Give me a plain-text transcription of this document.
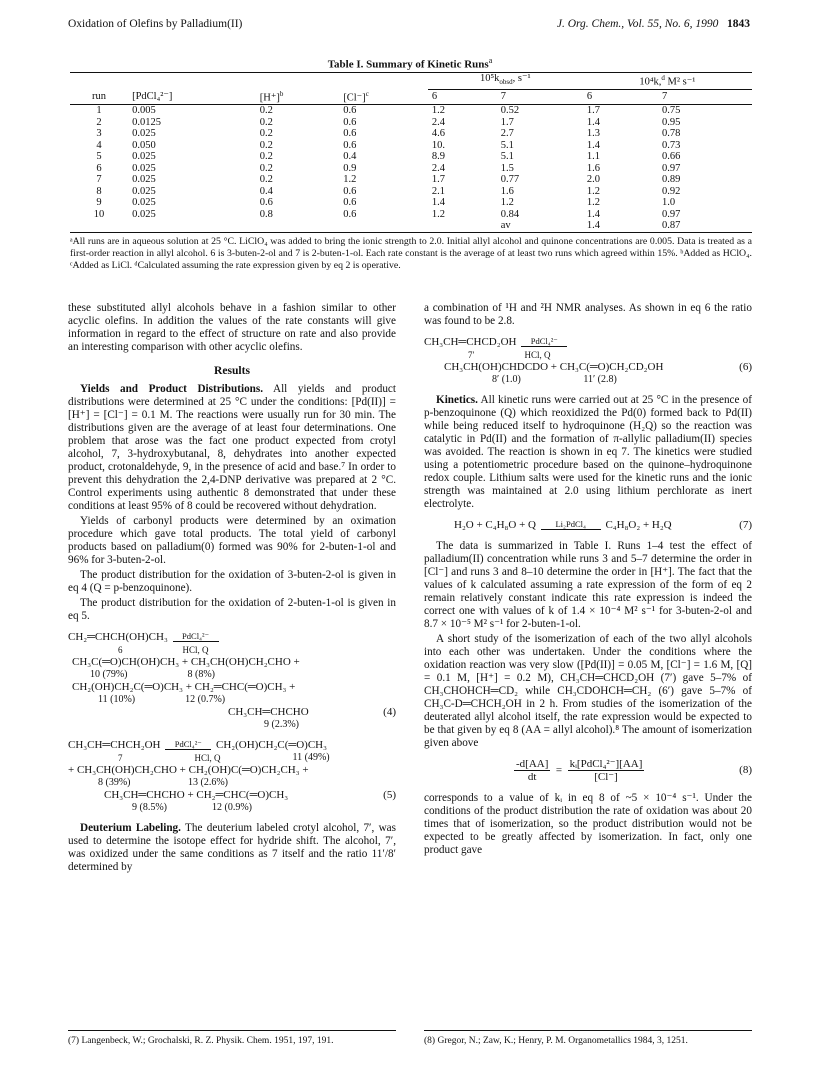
Oxidation of Olefins by Palladium(II)	J. Org. Chem., Vol. 55, No. 6, 1990 1843
Table I. Summary of Kinetic Runs$^a$
				$10^5k_{obsd}$, s⁻¹		10⁴k,$^d$ M² s⁻¹	
run	[PdCl₄²⁻]	$[H^+]^b$	$[Cl^-]^c$	6	7	6	7
1	0.005	0.2	0.6	1.2	0.52	1.7	0.75
2	0.0125	0.2	0.6	2.4	1.7	1.4	0.95
3	0.025	0.2	0.6	4.6	2.7	1.3	0.78
4	0.050	0.2	0.6	10.	5.1	1.4	0.73
5	0.025	0.2	0.4	8.9	5.1	1.1	0.66
6	0.025	0.2	0.9	2.4	1.5	1.6	0.97
7	0.025	0.2	1.2	1.7	0.77	2.0	0.89
8	0.025	0.4	0.6	2.1	1.6	1.2	0.92
9	0.025	0.6	0.6	1.4	1.2	1.2	1.0
10	0.025	0.8	0.6	1.2	0.84	1.4	0.97
					av	1.4	0.87
ᵃAll runs are in aqueous solution at 25 °C. LiClO₄ was added to bring the ionic strength to 2.0. Initial allyl alcohol and quinone concentrations are 0.005. Data is treated as a first-order reaction in allyl alcohol. 6 is 3-buten-2-ol and 7 is 2-buten-1-ol. Each rate constant is the average of at least two runs which agreed within 15%. ᵇAdded as HClO₄. ᶜAdded as LiCl. ᵈCalculated assuming the rate expression given by eq 2 is operative.

these substituted allyl alcohols behave in a fashion similar to other acyclic olefins. In addition the values of the rate constants will give information in regard to the effect of structure on rate and also provide an interesting comparison with other acyclic olefins.

Results

Yields and Product Distributions. All yields and product distributions were determined at 25 °C under the conditions: [Pd(II)] = [H⁺] = [Cl⁻] = 0.1 M. The reactions were usually run for 30 min. The distributions given are the average of at least four determinations. One problem that arose was the fact one product expected from crotyl alcohol, 7, 3-hydroxybutanal, 8, dehydrates into another expected product, crotonaldehyde, 9, in the presence of acid and base.⁷ In order to prevent this dehydration the 2,4-DNP derivative was prepared at 2 °C. Control experiments using authentic 8 demonstrated that under these conditions at least 95% of 8 could be recovered without dehydration.

Yields of carbonyl products were determined by an oximation procedure which gave total products. The total yield of carbonyl products based on palladium(0) formed was 90% for 2-buten-1-ol and 96% for 3-buten-2-ol.

The product distribution for the oxidation of 3-buten-2-ol is given in eq 4 (Q = p-benzoquinone).

The product distribution for the oxidation of 2-buten-1-ol is given in eq 5.

CH₂═CHCH(OH)CH₃ PdCl₄²⁻

6	HCl, Q
CH₃C(═O)CH(OH)CH₃ + CH₃CH(OH)CH₂CHO +
10 (79%)                        8 (8%)
CH₂(OH)CH₂C(═O)CH₃ + CH₂═CHC(═O)CH₃ +
11 (10%)                    12 (0.7%)
CH₃CH═CHCHO	(4)
9 (2.3%)
CH₃CH═CHCH₂OH PdCl₄²⁻ CH₂(OH)CH₂C(═O)CH₃
7	HCl, Q	11 (49%)
+ CH₃CH(OH)CH₂CHO + CH₂(OH)C(═O)CH₂CH₃ +
8 (39%)                       13 (2.6%)
CH₃CH═CHCHO + CH₂═CHC(═O)CH₃	(5)
9 (8.5%)                  12 (0.9%)

Deuterium Labeling. The deuterium labeled crotyl alcohol, 7′, was used to determine the isotope effect for hydride shift. The alcohol, 7′, was oxidized under the same conditions as 7 itself and the ratio 11′/8′ determined by

a combination of ¹H and ²H NMR analyses. As shown in eq 6 the ratio was found to be 2.8.

CH₃CH═CHCD₂OH PdCl₄²⁻
7′	HCl, Q
CH₃CH(OH)CHDCDO + CH₃C(═O)CH₂CD₂OH	(6)
8′ (1.0)                         11′ (2.8)

Kinetics. All kinetic runs were carried out at 25 °C in the presence of p-benzoquinone (Q) which reoxidized the Pd(0) formed back to Pd(II) while being reduced itself to hydroquinone (H₂Q) so the reaction was catalytic in Pd(II) and the formation of π-allylic palladium(II) species was avoided. The reaction is shown in eq 7. The kinetics were studied using a potentiometric procedure based on the quinone–hydroquinone redox couple. Lithium salts were used for the kinetic runs and the ionic strength was maintained at 2.0 using lithium perchlorate as inert electrolyte.

H₂O + C₄H₈O + Q Li₂PdCl₄ C₄H₈O₂ + H₂Q	(7)

The data is summarized in Table I. Runs 1–4 test the effect of palladium(II) concentration while runs 3 and 5–7 determine the order in [Cl⁻] and runs 3 and 8–10 determine the order in [H⁺]. The fact that the values of k calculated assuming a rate expression of the form of eq 2 remain relatively constant indicate this rate expression is indeed the correct one with values of k of 1.4 × 10⁻⁴ M² s⁻¹ for 3-buten-2-ol and 8.7 × 10⁻⁵ M² s⁻¹ for 2-buten-1-ol.

A short study of the isomerization of each of the two allyl alcohols into each other was undertaken. Under the conditions where the oxidation reaction was very slow ([Pd(II)] = 0.05 M, [Cl⁻] = 1.6 M, [Q] = 0.1 M, [H⁺] = 0.2 M), CH₃CH═CHCD₂OH (7′) gave 5–7% of CH₃CHOHCH═CD₂ while CH₃CDOHCH═CH₂ (6′) gave 5–7% of CH₃C-D═CHCH₂OH in 2 h. From studies of the isomerization of the deuterated allyl alcohol itself, the rate expression would be expected to be that given by eq 8 (AA = allyl alcohol).⁸ The amount of isomerization given above

$\frac{-d[AA]}{dt} = \frac{\text{kᵢ[PdCl₄²⁻][AA]}}{[Cl^-]}$	(8)

corresponds to a value of kᵢ in eq 8 of ~5 × 10⁻⁴ s⁻¹. Under the conditions of the product distribution the rate of oxidation was about 20 times that of isomerization, so the product distribution would not be expected to be greatly affected by isomerization. In fact, only one product gave

(7) Langenbeck, W.; Grochalski, R. Z. Physik. Chem. 1951, 197, 191.	(8) Gregor, N.; Zaw, K.; Henry, P. M. Organometallics 1984, 3, 1251.
